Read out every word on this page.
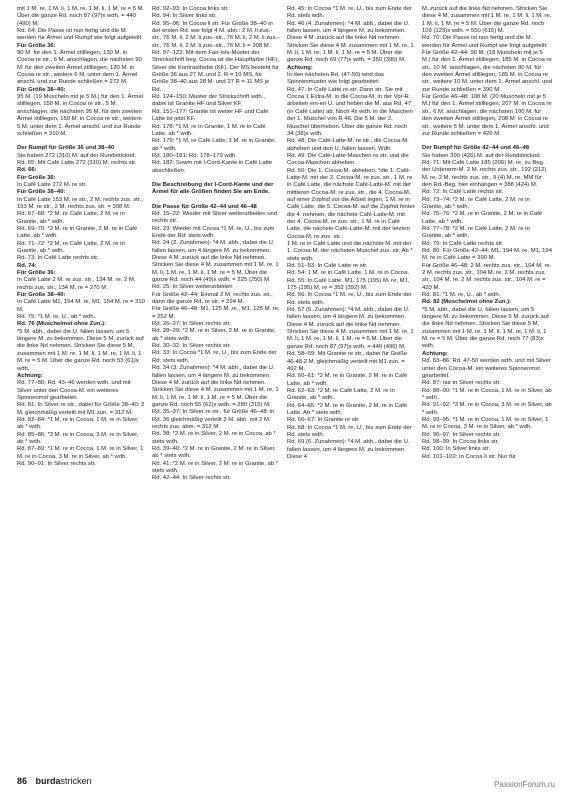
mit 1 M. re, 1 M. li, 1 M. re, 1 M. li, 1 M. re = 5 M. Über die ganze Rd. noch 87 (97)x wdh. = 440 (490) M.
Rd. 64: Die Passe ist nun fertig und die M. werden für Ärmel und Rumpf wie folgt aufgeteilt:
Für Größe 36:
90 M. für den 1. Ärmel stilllegen, 130 M. in Cocoa re str., 6 M. anschlagen, die nächsten 90 M. für den zweiten Ärmel stilllegen, 130 M. in Cocoa re str., weitere 6 M. unter dem 1. Ärmel anschl. und zur Runde schließen = 272 M.
Für Größe 38–40:
95 M. (19 Muscheln mit je 5 M.) für den 1. Ärmel stilllegen, 150 M. in Cocoa re str., 5 M. anschlagen, die nächsten 95 M. für den zweiten Ärmel stilllegen, 150 M. in Cocoa re str., weitere 5 M. unter dem 1. Ärmel anschl. und zur Runde schließen = 310 M.
Der Rumpf für Größe 36 und 38–40
Sie haben 272 (310) M. auf der Rundstricknd.
Rd. 65: Mit Café Latte 272 (310) M. rechts str.
Rd. 66:
Für Größe 36:
In Café Latte 272 M. re str.
Für Größe 38–40:
In Café Latte 153 M. re str., 2 M. rechts zus. str., 153 M. re str., 2 M. rechts zus. str. = 308 M.
Rd. 67–68: *2 M. re Café Latte, 2 M. re in Granite, ab * wdh.
Rd. 69–70: *2 M. re in Granite, 2 M. re in Café Latte, ab * wdh.
Rd. 71–72: *2 M. re Café Latte, 2 M. re in Granite, ab * wdh.
Rd. 73: In Café Latte rechts str.
Rd. 74:
Für Größe 36:
In Café Latte 2 M. re zus. str., 134 M. re, 2 M. rechts zus. str., 134 M. re = 270 M.
Für Größe 38–40:
In Café Latte M1, 154 M. re, M1, 154 M. re = 310 M.
Rd. 75: *1 M. re, U., ab * wdh.
Rd. 76 (Muschelmst ohne Zun.):
*5 M. abh., dabei die U. fallen lassen, um 5 längere M. zu bekommen. Diese 5 M. zurück auf die linke Nd nehmen. Stricken Sie diese 5 M. zusammen mit 1 M. re, 1 M. li, 1 M. re, 1 M. li, 1 M. re = 5 M. Über die ganze Rd. noch 53 (61)x wdh.
Achtung:
Rd. 77–80: Rd. 43–46 werden wdh. und mit Silver unter den Cocoa-M. ein weiteres Spinnenmst gearbeitet.
Rd. 81: In Silver re str., dabei für Größe 38–40: 2 M. gleichmäßig verteilt mit M1 zun. = 312 M.
Rd. 82–84: *1 M. re in Cocoa, 1 M. re in Silver, ab * wdh.
Rd. 85–86: *3 M. re in Cocoa, 3 M. re in Silver, ab * wdh.
Rd. 87–89: *1 M. re in Cocoa, 1 M. re in Silver, 1 M. re in Cocoa, 3 M. re in Silver, ab * wdh.
Rd. 90–91: In Silver rechts str.
Rd. 92–93: In Cocoa links str.
Rd. 94: In Silver links str.
Rd. 95–96: In Cocoa li str. Für Größe 38–40 in der ersten Rd. wie folgt 4 M. abn.: 2 M. li zus.-str., 76 M. li, 2 M. li zus.-str., 76 M. li, 2 M. li zus.-str., 76 M. li, 2 M. li zus.-str., 76 M. li = 308 M.
Rd. 97–123: Mit dem Fair-Isle-Muster der Streckschrift beg. Cocoa ist die Hauptfarbe (HF), Silver die Kontrastfarbe (KF). Der MS besteht für Größe 36 aus 27 M. und 2. R = 10 MS, für Größe 38–40 aus 28 M. und 27 R = 11 MS je Rd.
Rd. 124–150: Muster der Strickschrift wdh., dabei ist Granite HF und Silver KF.
Rd. 151–177: Granite ist weiter HF und Café Latte ist jetzt KF.
Rd. 178: *1 M. re in Granite, 1 M. re in Café Latte, ab * wdh.
Rd. 179: *1 M. re Café Latte, 1 M. re in Granite, ab * wdh.
Rd. 180–181: Rd. 178–179 wdh.
Rd. 182: Sowm mit I-Cord-Kante in Café Latte abschließen.
Die Beschreibung der I-Cord-Kante und der Ärmel für alle Größen finden Sie am Ende.
Die Passe für Größe 42–44 und 46–48
Rd. 15–22: Wieder mit Silver weiterarbeiten und rechts str.
Rd. 23: Wieder mit Cocoa *1 M. re, U., bis zum Ende der Rd. stets wdh.
Rd. 24 (2. Zunahmen): *4 M. abh., dabei die U. fallen lassen, um 4 längere M. zu bekommen. Diese 4 M. zurück auf die linke Nd nehmen. Stricken Sie diese 4 M. zusammen mit 1 M. re, 1 M. li, 1 M. re, 1 M. li, 1 M. re = 5 M. Über die ganze Rd. noch 44 (49)x wdh. = 225 (250) M.
Rd. 25: In Silver weiterarbeiten
Für Größe 42–44: Einmal 2 M. rechts zus. str., dann die ganze Rd. re str. = 224 M.
Für Größe 46–48: M1, 125 M. re., M1, 125 M. re. = 252 M.
Rd. 26–27: In Silver rechts str.
Rd. 28–29: *2 M. re in Silver, 2 M. re in Granite, ab * stets wdh.
Rd. 30–32: In Silver rechts str.
Rd. 33: In Cocoa *1 M. re, U., bis zum Ende der Rd. stets wdh.
Rd. 34 (3. Zunahmen): *4 M. abh., dabei die U. fallen lassen, um 4 längere M. zu bekommen. Diese 4 M. zurück auf die linke Nd nehmen. Stricken Sie diese 4 M. zusammen mit 1 M. re, 1 M. li, 1 M. re, 1 M. li, 1 M. re = 5 M. Über die ganze Rd. noch 55 (62)x wdh. = 280 (315) M.
Rd. 35–37: In Silver re str., für Größe 46–48: in Rd. 36 gleichmäßig verteilt 3 M. abn. mit 2 M. rechts zus. abm. = 312 M.
Rd. 38: *2 M. re in Silver, 2 M. re in Cocoa, ab * stets wdh.
Rd. 39–40: *2 M. re in Granite, 2 M. re in Silver, ab * stets wdh.
Rd. 41: *2 M. re in Silver, 2 M. re in Granite, ab * stets wdh.
Rd. 42–44: In Silver rechts str.
Rd. 45: In Cocoa *1 M. re, U., bis zum Ende der Rd. stets wdh.
Rd. 46 (4. Zunahmen): *4 M. abh., dabei die U. fallen lassen, um 4 längere M. zu bekommen. Diese 4 M. zurück auf die linke Nd nehmen. Stricken Sie diese 4 M. zusammen mit 1 M. re, 1 M. li, 1 M. re, 1 M. li, 1 M. re = 5 M. Über die ganze Rd. noch 69 (77)x wdh. = 350 (390) M.
Achtung:
In den nächsten Rd. (47-50) wird das Spinnenmuster wie folgt gearbeitet:
Rd. 47: In Café Latte re str. Dann str. Sie mit Cocoa 1 Extra-M. in die Cocoa-M. in der Vor-R. arbeiten ein-en U. und heben die M. aus Rd. 47 (in Café Latte) ab. Noch 4x wdh. in die Maschen der 1. Muschel von R 46. Die 5 M. der 2. Muschel überheben. Über die ganze Rd. noch 34 (38)x wdh.
Rd. 48: Die Café-Latte-M. re str., die Cocoa-M. abheben und den U. fallen lassen. Wdh.
Rd. 49: Die Café-Latte-Maschen re str. und die Cocoa-Maschen abheben.
Rd. 50: Die 1. Cocoa-M. abheben, *die 1. Café-Latte-M. mit der 2. Cocoa-M. re zus. str., 1 M. re in Café Latte, die nächste Café-Latte-M. mit der mittleren Cocoa-M. re zus. str., die 4. Cocoa-M. auf einer Zopfnd vor die Arbeit legen, 1 M. re in Café Latte, die 5. Cocoa-M. auf die Zopfnd hinter die 4. nehmen, die nächste Café-Latte-M. mit der 4. Cocoa-M. re zus. str., 1 M. re in Café Latte, die nächste Café-Latte-M. mit der letzten Cocoa-M. re zus. str.
1 M. re in Café Latte und die nächste M. mit der 1. Cocoa-M. der nächsten Muschel zus. str. Ab * stets wdh.
Rd. 51–53: In Café Latte re str.
Rd. 54: 1 M. re in Café Latte, 1 M. re in Cocoa.
Rd. 55: In Café Latte. M1, 175 (195) M. re, M1, 175 (195) M. re = 352 (392) M.
Rd. 56: In Cocoa *1 M. re, U., bis zum Ende der Rd. stets wdh.
Rd. 57 (5. Zunahmen): *4 M. abh., dabei die U. fallen lassen, um 4 längere M. zu bekommen. Diese 4 M. zurück auf die linke Nd nehmen. Stricken Sie diese 4 M. zusammen mit 1 M. re, 1 M. li, 1 M. re, 1 M. li, 1 M. re = 5 M. Über die ganze Rd. noch 87 (97)x wdh. = 440 (490) M.
Rd. 58–59: Mit Granite re str., dabei für Größe 46-48 2 M. gleichmäßig verteilt mit M1 zun. = 492 M.
Rd. 60–61: *2 M. re in Granite, 2 M. re in Café Latte, ab * wdh.
Rd. 62–63: *2 M. re Café Latte, 2 M. re in Granite, ab * wdh.
Rd. 64–65: *2 M. re in Granite, 2 M. re in Café Latte. Ab * stets wdh.
Rd. 66–67: In Granite re str.
Rd. 68: In Cocoa *1 M. re, U., bis zum Ende der Rd. stets wdh.
Rd. 69 (6. Zunahmen): *4 M. abh., dabei die U. fallen lassen, um 4 längere M. zu bekommen. Diese 4
M. zurück auf die linke Nd nehmen. Stricken Sie diese 4 M. zusammen mit 1 M. re, 1 M. li, 1 M. re, 1 M. li, 1 M. re = 5 M. Über die ganze Rd. noch 109 (123)x wdh. = 550 (615) M.
Rd. 70: Die Passe ist nun fertig und die M. werden für Ärmel und Rumpf wie folgt aufgeteilt:
Für Größe 42–44: 90 M. (18 Muscheln mit je 5 M.) für den 1. Ärmel stilllegen, 185 M. in Cocoa re str., 10 M. anschlagen, die nächsten 90 M. für den zweiten Ärmel stilllegen, 185 M. in Cocoa re str., weitere 10 M. unter dem 1. Ärmel anschl. und zur Runde schließen = 390 M.
Für Größe 46–48: 100 M. (20 Muscheln mit je 5 M.) für den 1. Ärmel stilllegen, 207 M. in Cocoa re str., 6 M. anschlagen, die nächsten 100 M. für den zweiten Ärmel stilllegen, 208 M. in Cocoa re str., weitere 5 M. unter dem 1. Ärmel anschl. und zur Runde schließen = 426 M.
Der Rumpf für Größe 42–44 und 46–48
Sie haben 390 (426) M. auf der Rundstricknd.
Rd. 71: Mit Café Latte 185 (206) M. re, zu Beg. der Unterarm-M. 2 M. rechts zus. str., 192 (212) M. re, 2 M. rechts zus. str., 9 (4) M. re, MM für den Rd.-Beg. hier einhängen = 388 (424) M.
Rd. 72: In Café Latte rechts str.
Rd. 73–74: *2 M. re Café Latte, 2 M. re in Granite, ab * wdh.
Rd. 75–76: *2 M. re in Granite, 2 M. re in Café Latte, ab * wdh.
Rd. 77–78: *2 M. re Café Latte, 2 M. re in Granite, ab * wdh.
Rd. 79: In Café Latte rechts str.
Rd. 80: Für Größe 42–44: M1, 194 M. re, M1, 194 M. re in Café Latte = 390 M.
Für Größe 46–48: 2 M. rechts zus. str., 104 M. re, 2 M. rechts zus. str., 104 M. re, 2 M. rechts zus. str., 104 M. re, 2 M. rechts zus. str., 104 M. re = 420 M.
Rd. 81: *1 M. re, U., ab * wdh.
Rd. 82 (Muschelmst ohne Zun.):
*5 M. abh., dabei die U. fallen lassen, um 5 längere M. zu bekommen. Diese 5 M. zurück auf die linke Nd nehmen. Stricken Sie diese 5 M. zusammen mit 1 M. re, 1 M. li, 1 M. re, 1 M. li, 1 M. re = 5 M. Über die ganze Rd. noch 77 (83)x wdh.
Achtung:
Rd. 83–86: Rd. 47-50 werden wdh. und mit Silver unter den Cocoa-M. ein weiteres Spinnenmst gearbeitet.
Rd. 87: nur in Silver rechts str.
Rd. 88–90: *1 M. re in Cocoa, 1 M. re in Silver, ab * wdh.
Rd. 91–92: *3 M. re in Cocoa, 3 M. re in Silver, ab * wdh.
Rd. 93–95: *1 M. re in Cocoa, 1 M. re in Silver, 1 M. re in Cocoa, 3 M. re in Silver, ab * wdh.
Rd. 96–97: In Silver rechts str.
Rd. 98–99: In Cocoa links str.
Rd. 100: In Silver links str.
Rd. 101–102: In Cocoa li str. Nur für
86 burdastricken	PassionForum.ru
